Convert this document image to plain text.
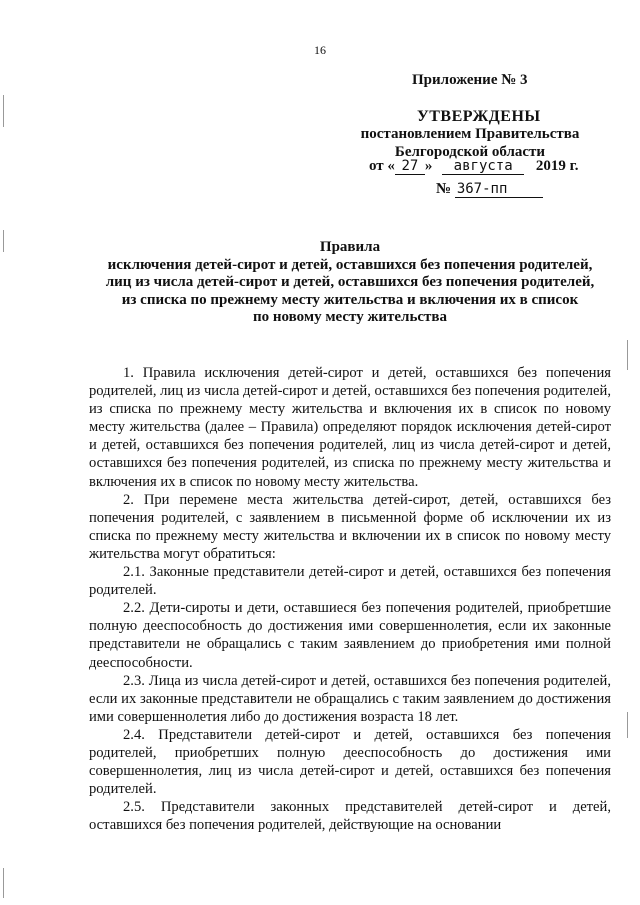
16
Приложение № 3
УТВЕРЖДЕНЫ
постановлением Правительства
Белгородской области
от « 27 » августа 2019 г.
№ 367-пп
Правила
исключения детей-сирот и детей, оставшихся без попечения родителей,
лиц из числа детей-сирот и детей, оставшихся без попечения родителей,
из списка по прежнему месту жительства и включения их в список
по новому месту жительства

1. Правила исключения детей-сирот и детей, оставшихся без попечения родителей, лиц из числа детей-сирот и детей, оставшихся без попечения родителей, из списка по прежнему месту жительства и включения их в список по новому месту жительства (далее – Правила) определяют порядок исключения детей-сирот и детей, оставшихся без попечения родителей, лиц из числа детей-сирот и детей, оставшихся без попечения родителей, из списка по прежнему месту жительства и включения их в список по новому месту жительства.

2. При перемене места жительства детей-сирот, детей, оставшихся без попечения родителей, с заявлением в письменной форме об исключении их из списка по прежнему месту жительства и включении их в список по новому месту жительства могут обратиться:

2.1. Законные представители детей-сирот и детей, оставшихся без попечения родителей.

2.2. Дети-сироты и дети, оставшиеся без попечения родителей, приобретшие полную дееспособность до достижения ими совершеннолетия, если их законные представители не обращались с таким заявлением до приобретения ими полной дееспособности.

2.3. Лица из числа детей-сирот и детей, оставшихся без попечения родителей, если их законные представители не обращались с таким заявлением до достижения ими совершеннолетия либо до достижения возраста 18 лет.

2.4. Представители детей-сирот и детей, оставшихся без попечения родителей, приобретших полную дееспособность до достижения ими совершеннолетия, лиц из числа детей-сирот и детей, оставшихся без попечения родителей.

2.5. Представители законных представителей детей-сирот и детей, оставшихся без попечения родителей, действующие на основании
